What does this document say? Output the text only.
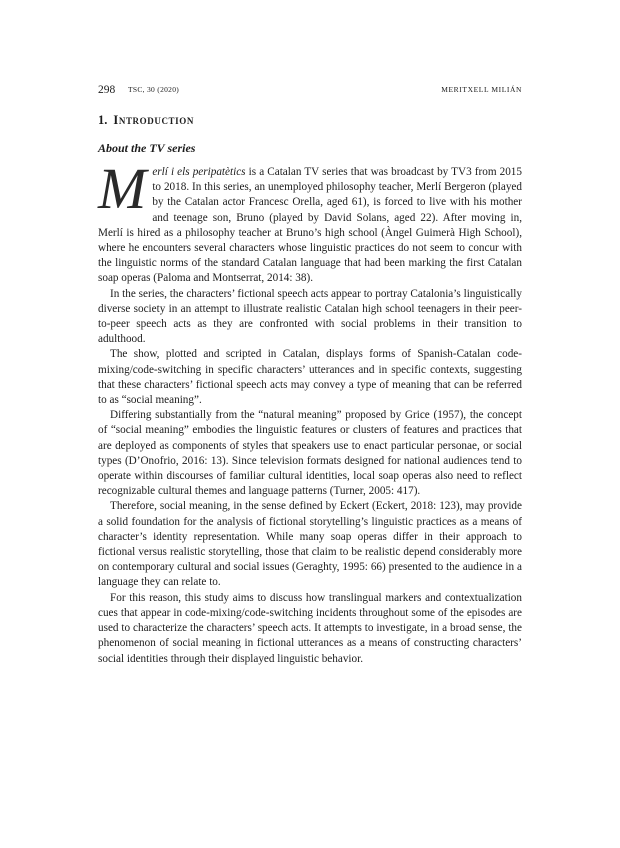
298 TSC, 30 (2020)	MERITXELL MILIÁN
1. Introduction
About the TV series

Merlí i els peripatètics is a Catalan TV series that was broadcast by TV3 from 2015 to 2018. In this series, an unemployed philosophy teacher, Merlí Bergeron (played by the Catalan actor Francesc Orella, aged 61), is forced to live with his mother and teenage son, Bruno (played by David Solans, aged 22). After moving in, Merlí is hired as a philosophy teacher at Bruno’s high school (Àngel Guimerà High School), where he encounters several characters whose linguistic practices do not seem to concur with the linguistic norms of the standard Catalan language that had been marking the first Catalan soap operas (Paloma and Montserrat, 2014: 38).

In the series, the characters’ fictional speech acts appear to portray Catalonia’s linguistically diverse society in an attempt to illustrate realistic Catalan high school teenagers in their peer-to-peer speech acts as they are confronted with social problems in their transition to adulthood.

The show, plotted and scripted in Catalan, displays forms of Spanish-Catalan code-mixing/code-switching in specific characters’ utterances and in specific contexts, suggesting that these characters’ fictional speech acts may convey a type of meaning that can be referred to as “social meaning”.

Differing substantially from the “natural meaning” proposed by Grice (1957), the concept of “social meaning” embodies the linguistic features or clusters of features and practices that are deployed as components of styles that speakers use to enact particular personae, or social types (D’Onofrio, 2016: 13). Since television formats designed for national audiences tend to operate within discourses of familiar cultural identities, local soap operas also need to reflect recognizable cultural themes and language patterns (Turner, 2005: 417).

Therefore, social meaning, in the sense defined by Eckert (Eckert, 2018: 123), may provide a solid foundation for the analysis of fictional storytelling’s linguistic practices as a means of character’s identity representation. While many soap operas differ in their approach to fictional versus realistic storytelling, those that claim to be realistic depend considerably more on contemporary cultural and social issues (Geraghty, 1995: 66) presented to the audience in a language they can relate to.

For this reason, this study aims to discuss how translingual markers and contextualization cues that appear in code-mixing/code-switching incidents throughout some of the episodes are used to characterize the characters’ speech acts. It attempts to investigate, in a broad sense, the phenomenon of social meaning in fictional utterances as a means of constructing characters’ social identities through their displayed linguistic behavior.
